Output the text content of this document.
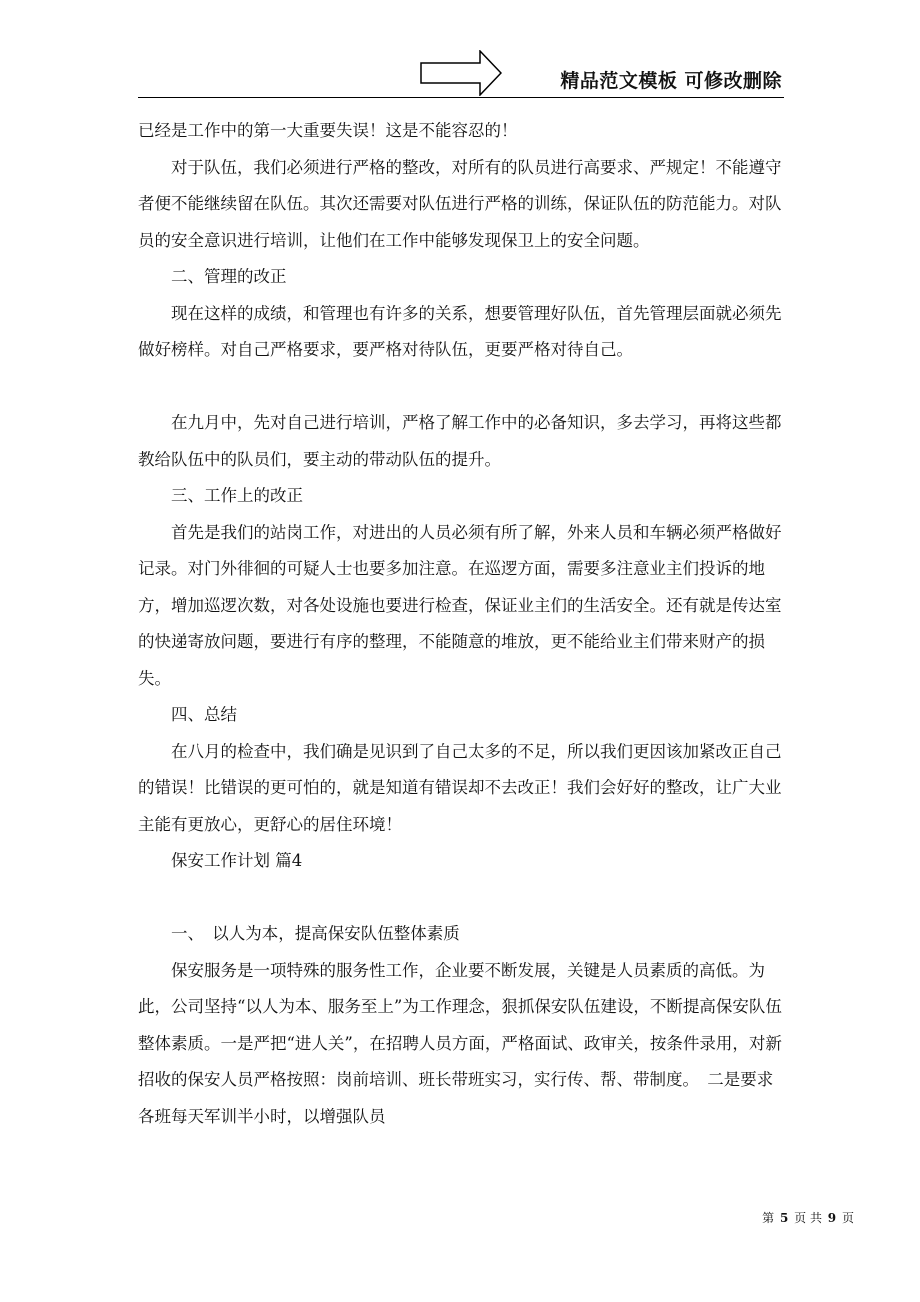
精品范文模板 可修改删除

已经是工作中的第一大重要失误！这是不能容忍的！

对于队伍，我们必须进行严格的整改，对所有的队员进行高要求、严规定！不能遵守者便不能继续留在队伍。其次还需要对队伍进行严格的训练，保证队伍的防范能力。对队员的安全意识进行培训，让他们在工作中能够发现保卫上的安全问题。

二、管理的改正

现在这样的成绩，和管理也有许多的关系，想要管理好队伍，首先管理层面就必须先做好榜样。对自己严格要求，要严格对待队伍，更要严格对待自己。

在九月中，先对自己进行培训，严格了解工作中的必备知识，多去学习，再将这些都教给队伍中的队员们，要主动的带动队伍的提升。

三、工作上的改正

首先是我们的站岗工作，对进出的人员必须有所了解，外来人员和车辆必须严格做好记录。对门外徘徊的可疑人士也要多加注意。在巡逻方面，需要多注意业主们投诉的地方，增加巡逻次数，对各处设施也要进行检查，保证业主们的生活安全。还有就是传达室的快递寄放问题，要进行有序的整理，不能随意的堆放，更不能给业主们带来财产的损失。

四、总结

在八月的检查中，我们确是见识到了自己太多的不足，所以我们更因该加紧改正自己的错误！比错误的更可怕的，就是知道有错误却不去改正！我们会好好的整改，让广大业主能有更放心，更舒心的居住环境！

保安工作计划 篇4

一、　以人为本，提高保安队伍整体素质

保安服务是一项特殊的服务性工作，企业要不断发展，关键是人员素质的高低。为此，公司坚持“以人为本、服务至上”为工作理念，狠抓保安队伍建设，不断提高保安队伍整体素质。一是严把“进人关”，在招聘人员方面，严格面试、政审关，按条件录用，对新招收的保安人员严格按照：岗前培训、班长带班实习，实行传、帮、带制度。　二是要求各班每天军训半小时，以增强队员

第 5 页 共 9 页
